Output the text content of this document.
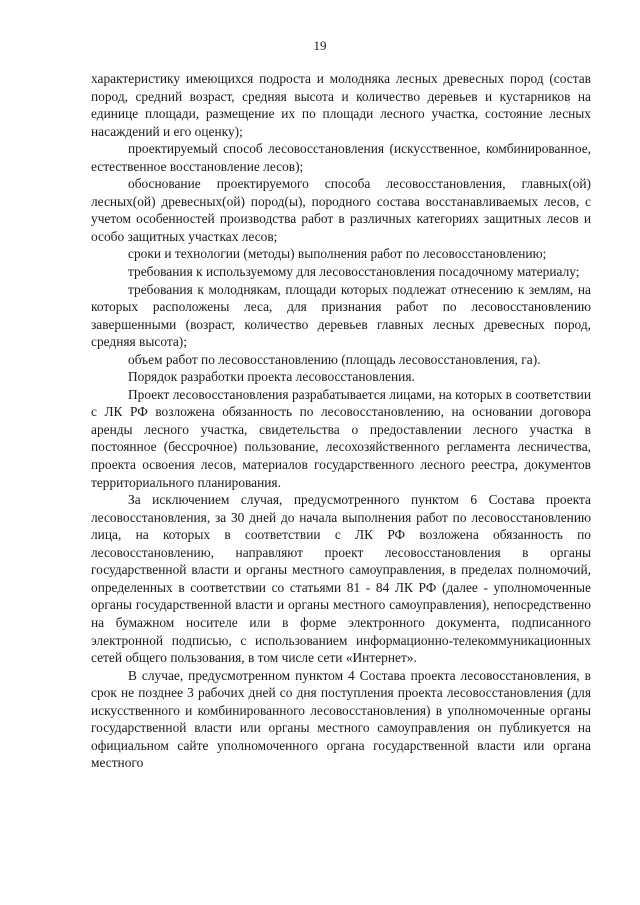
19

характеристику имеющихся подроста и молодняка лесных древесных пород (состав пород, средний возраст, средняя высота и количество деревьев и кустарников на единице площади, размещение их по площади лесного участка, состояние лесных насаждений и его оценку);

проектируемый способ лесовосстановления (искусственное, комбинированное, естественное восстановление лесов);

обоснование проектируемого способа лесовосстановления, главных(ой) лесных(ой) древесных(ой) пород(ы), породного состава восстанавливаемых лесов, с учетом особенностей производства работ в различных категориях защитных лесов и особо защитных участках лесов;

сроки и технологии (методы) выполнения работ по лесовосстановлению;

требования к используемому для лесовосстановления посадочному материалу;

требования к молоднякам, площади которых подлежат отнесению к землям, на которых расположены леса, для признания работ по лесовосстановлению завершенными (возраст, количество деревьев главных лесных древесных пород, средняя высота);

объем работ по лесовосстановлению (площадь лесовосстановления, га).

Порядок разработки проекта лесовосстановления.

Проект лесовосстановления разрабатывается лицами, на которых в соответствии с ЛК РФ возложена обязанность по лесовосстановлению, на основании договора аренды лесного участка, свидетельства о предоставлении лесного участка в постоянное (бессрочное) пользование, лесохозяйственного регламента лесничества, проекта освоения лесов, материалов государственного лесного реестра, документов территориального планирования.

За исключением случая, предусмотренного пунктом 6 Состава проекта лесовосстановления, за 30 дней до начала выполнения работ по лесовосстановлению лица, на которых в соответствии с ЛК РФ возложена обязанность по лесовосстановлению, направляют проект лесовосстановления в органы государственной власти и органы местного самоуправления, в пределах полномочий, определенных в соответствии со статьями 81 - 84 ЛК РФ (далее - уполномоченные органы государственной власти и органы местного самоуправления), непосредственно на бумажном носителе или в форме электронного документа, подписанного электронной подписью, с использованием информационно-телекоммуникационных сетей общего пользования, в том числе сети «Интернет».

В случае, предусмотренном пунктом 4 Состава проекта лесовосстановления, в срок не позднее 3 рабочих дней со дня поступления проекта лесовосстановления (для искусственного и комбинированного лесовосстановления) в уполномоченные органы государственной власти или органы местного самоуправления он публикуется на официальном сайте уполномоченного органа государственной власти или органа местного
